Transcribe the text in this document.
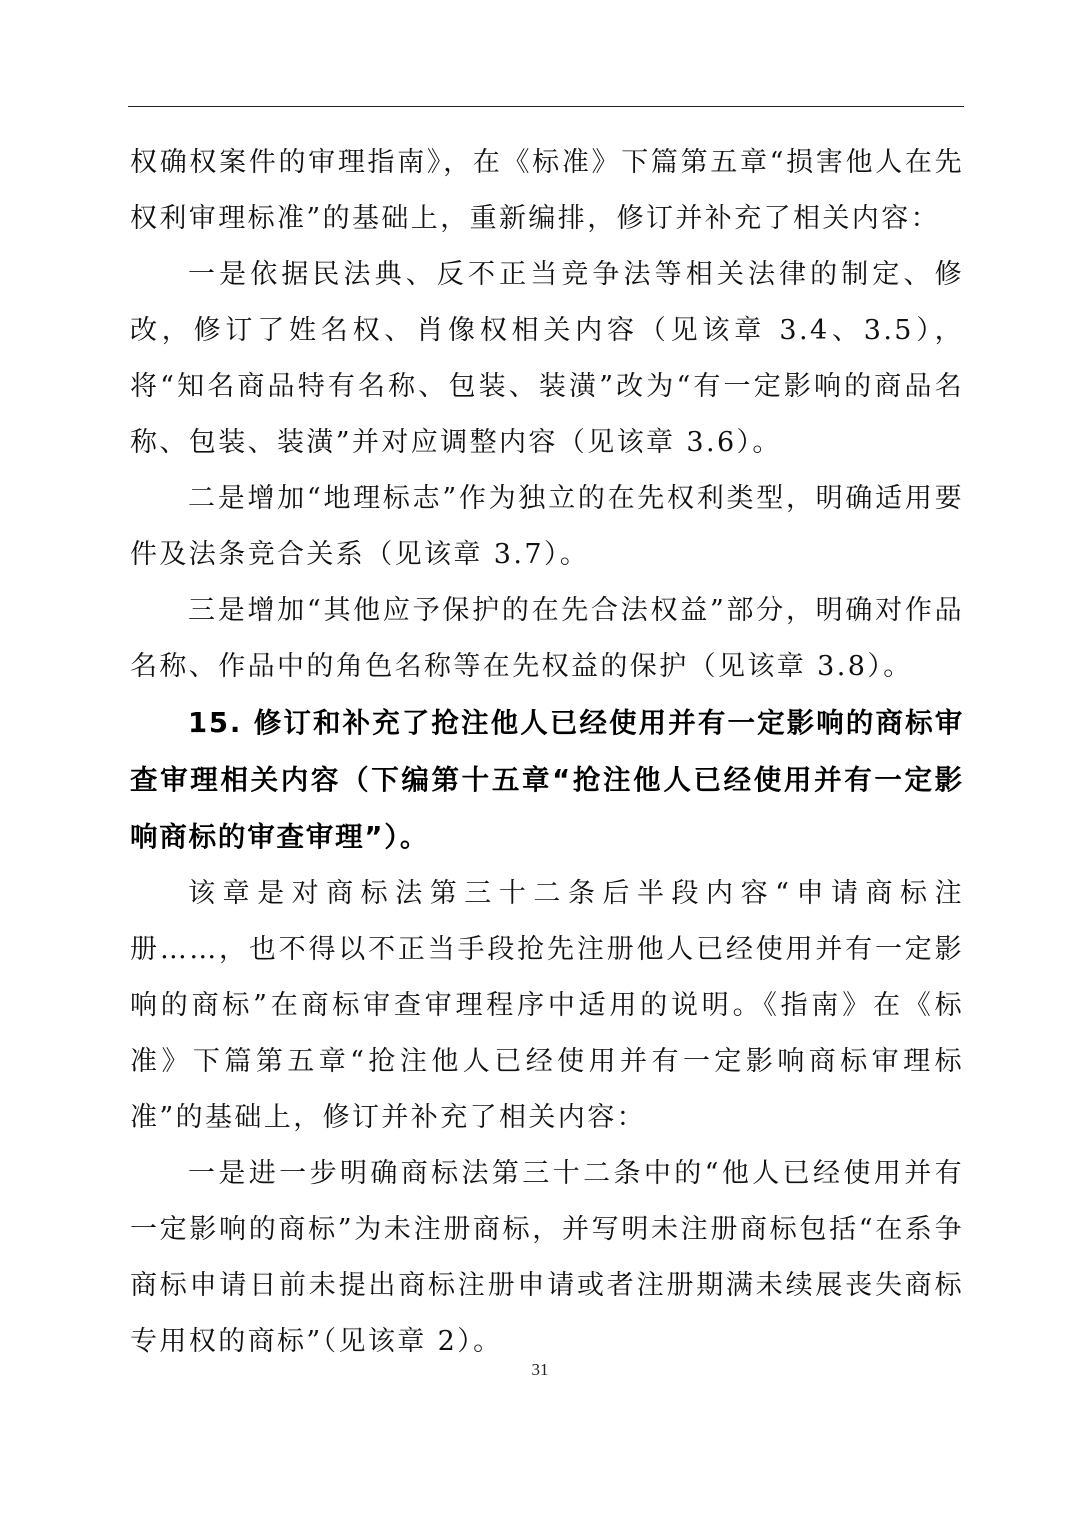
权确权案件的审理指南》，在《标准》下篇第五章“损害他人在先权利审理标准”的基础上，重新编排，修订并补充了相关内容：

一是依据民法典、反不正当竞争法等相关法律的制定、修改，修订了姓名权、肖像权相关内容（见该章 3.4、3.5），将“知名商品特有名称、包装、装潢”改为“有一定影响的商品名称、包装、装潢”并对应调整内容（见该章 3.6）。

二是增加“地理标志”作为独立的在先权利类型，明确适用要件及法条竞合关系（见该章 3.7）。

三是增加“其他应予保护的在先合法权益”部分，明确对作品名称、作品中的角色名称等在先权益的保护（见该章 3.8）。

15. 修订和补充了抢注他人已经使用并有一定影响的商标审查审理相关内容（下编第十五章“抢注他人已经使用并有一定影响商标的审查审理”）。

该章是对商标法第三十二条后半段内容“申请商标注册……，也不得以不正当手段抢先注册他人已经使用并有一定影响的商标”在商标审查审理程序中适用的说明。《指南》在《标准》下篇第五章“抢注他人已经使用并有一定影响商标审理标准”的基础上，修订并补充了相关内容：

一是进一步明确商标法第三十二条中的“他人已经使用并有一定影响的商标”为未注册商标，并写明未注册商标包括“在系争商标申请日前未提出商标注册申请或者注册期满未续展丧失商标专用权的商标”（见该章 2）。

31
